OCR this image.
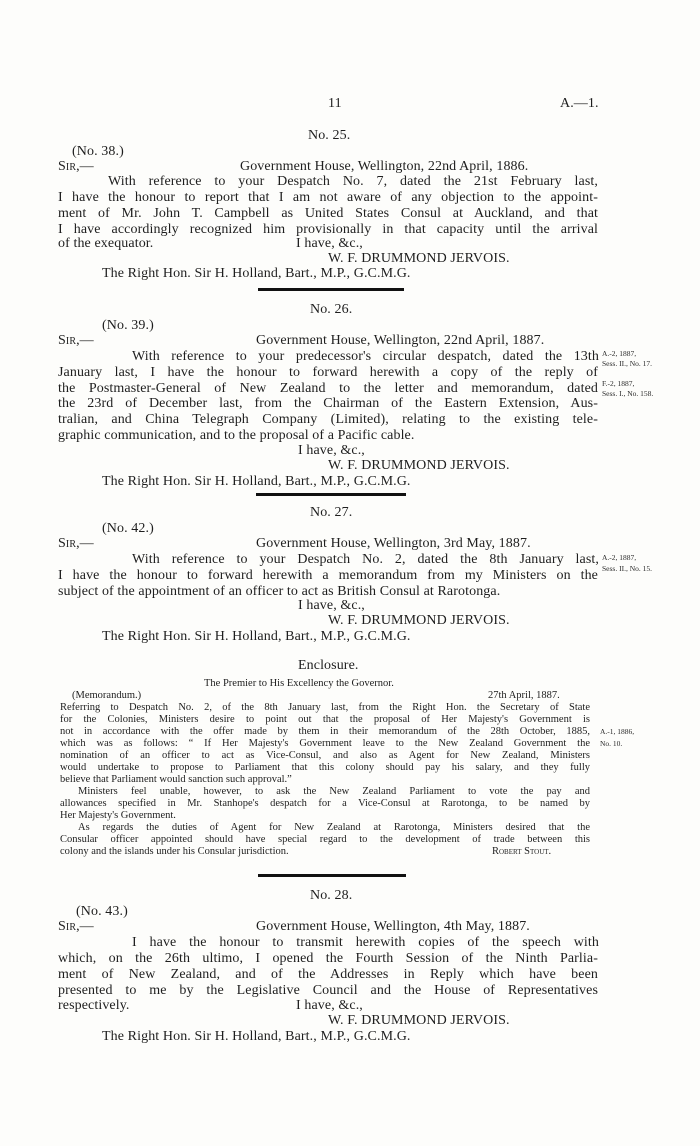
11	A.—1.
No. 25.
(No. 38.)
Sir,—	Government House, Wellington, 22nd April, 1886.
With reference to your Despatch No. 7, dated the 21st February last,
I have the honour to report that I am not aware of any objection to the appoint-
ment of Mr. John T. Campbell as United States Consul at Auckland, and that
I have accordingly recognized him provisionally in that capacity until the arrival
of the exequator.	I have, &c.,
W. F. DRUMMOND JERVOIS.
The Right Hon. Sir H. Holland, Bart., M.P., G.C.M.G.
No. 26.
(No. 39.)
Sir,—	Government House, Wellington, 22nd April, 1887.
With reference to your predecessor's circular despatch, dated the 13th
January last, I have the honour to forward herewith a copy of the reply of
the Postmaster-General of New Zealand to the letter and memorandum, dated
the 23rd of December last, from the Chairman of the Eastern Extension, Aus-
tralian, and China Telegraph Company (Limited), relating to the existing tele-
graphic communication, and to the proposal of a Pacific cable.
A.-2, 1887,
Sess. II., No. 17.
F.-2, 1887,
Sess. I., No. 158.
I have, &c.,
W. F. DRUMMOND JERVOIS.
The Right Hon. Sir H. Holland, Bart., M.P., G.C.M.G.
No. 27.
(No. 42.)
Sir,—	Government House, Wellington, 3rd May, 1887.
With reference to your Despatch No. 2, dated the 8th January last,
I have the honour to forward herewith a memorandum from my Ministers on the
subject of the appointment of an officer to act as British Consul at Rarotonga.
A.-2, 1887,
Sess. II., No. 15.
I have, &c.,
W. F. DRUMMOND JERVOIS.
The Right Hon. Sir H. Holland, Bart., M.P., G.C.M.G.
Enclosure.
The Premier to His Excellency the Governor.
(Memorandum.)	27th April, 1887.
Referring to Despatch No. 2, of the 8th January last, from the Right Hon. the Secretary of State
for the Colonies, Ministers desire to point out that the proposal of Her Majesty's Government is
not in accordance with the offer made by them in their memorandum of the 28th October, 1885,
which was as follows: “ If Her Majesty's Government leave to the New Zealand Government the
nomination of an officer to act as Vice-Consul, and also as Agent for New Zealand, Ministers
would undertake to propose to Parliament that this colony should pay his salary, and they fully
believe that Parliament would sanction such approval.”
Ministers feel unable, however, to ask the New Zealand Parliament to vote the pay and
allowances specified in Mr. Stanhope's despatch for a Vice-Consul at Rarotonga, to be named by
Her Majesty's Government.
As regards the duties of Agent for New Zealand at Rarotonga, Ministers desired that the
Consular officer appointed should have special regard to the development of trade between this
colony and the islands under his Consular jurisdiction.	Robert Stout.
A.-1, 1886,
No. 10.
No. 28.
(No. 43.)
Sir,—	Government House, Wellington, 4th May, 1887.
I have the honour to transmit herewith copies of the speech with
which, on the 26th ultimo, I opened the Fourth Session of the Ninth Parlia-
ment of New Zealand, and of the Addresses in Reply which have been
presented to me by the Legislative Council and the House of Representatives
respectively.	I have, &c.,
W. F. DRUMMOND JERVOIS.
The Right Hon. Sir H. Holland, Bart., M.P., G.C.M.G.
